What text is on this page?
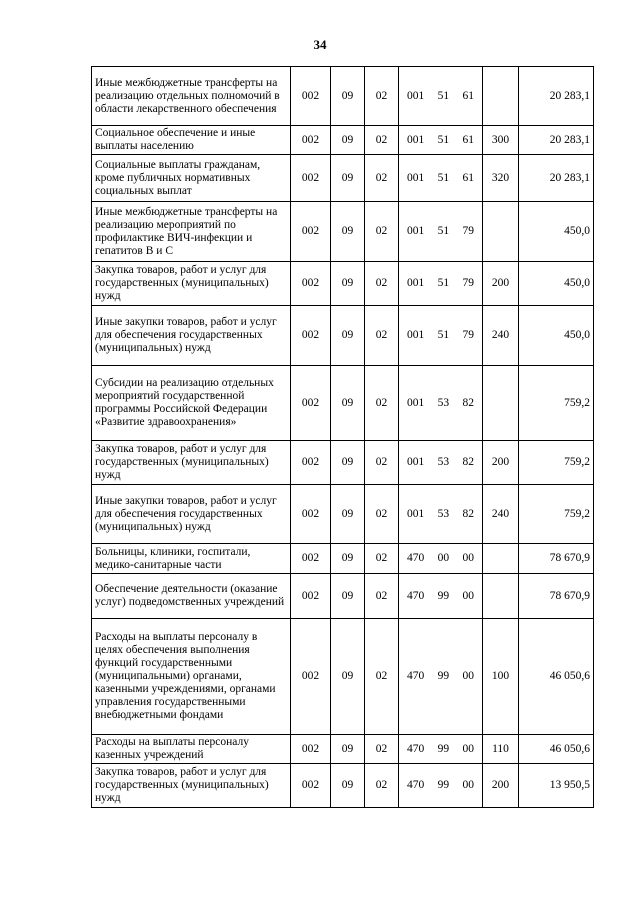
34
Иные межбюджетные трансферты на реализацию отдельных полномочий в области лекарственного обеспечения	002	09	02	001 51 61		20 283,1
Социальное обеспечение и иные выплаты населению	002	09	02	001 51 61	300	20 283,1
Социальные выплаты гражданам, кроме публичных нормативных социальных выплат	002	09	02	001 51 61	320	20 283,1
Иные межбюджетные трансферты на реализацию мероприятий по профилактике ВИЧ-инфекции и гепатитов В и С	002	09	02	001 51 79		450,0
Закупка товаров, работ и услуг для государственных (муниципальных) нужд	002	09	02	001 51 79	200	450,0
Иные закупки товаров, работ и услуг для обеспечения государственных (муниципальных) нужд	002	09	02	001 51 79	240	450,0
Субсидии на реализацию отдельных мероприятий государственной программы Российской Федерации «Развитие здравоохранения»	002	09	02	001 53 82		759,2
Закупка товаров, работ и услуг для государственных (муниципальных) нужд	002	09	02	001 53 82	200	759,2
Иные закупки товаров, работ и услуг для обеспечения государственных (муниципальных) нужд	002	09	02	001 53 82	240	759,2
Больницы, клиники, госпитали, медико-санитарные части	002	09	02	470 00 00		78 670,9
Обеспечение деятельности (оказание услуг) подведомственных учреждений	002	09	02	470 99 00		78 670,9
Расходы на выплаты персоналу в целях обеспечения выполнения функций государственными (муниципальными) органами, казенными учреждениями, органами управления государственными внебюджетными фондами	002	09	02	470 99 00	100	46 050,6
Расходы на выплаты персоналу казенных учреждений	002	09	02	470 99 00	110	46 050,6
Закупка товаров, работ и услуг для государственных (муниципальных) нужд	002	09	02	470 99 00	200	13 950,5
